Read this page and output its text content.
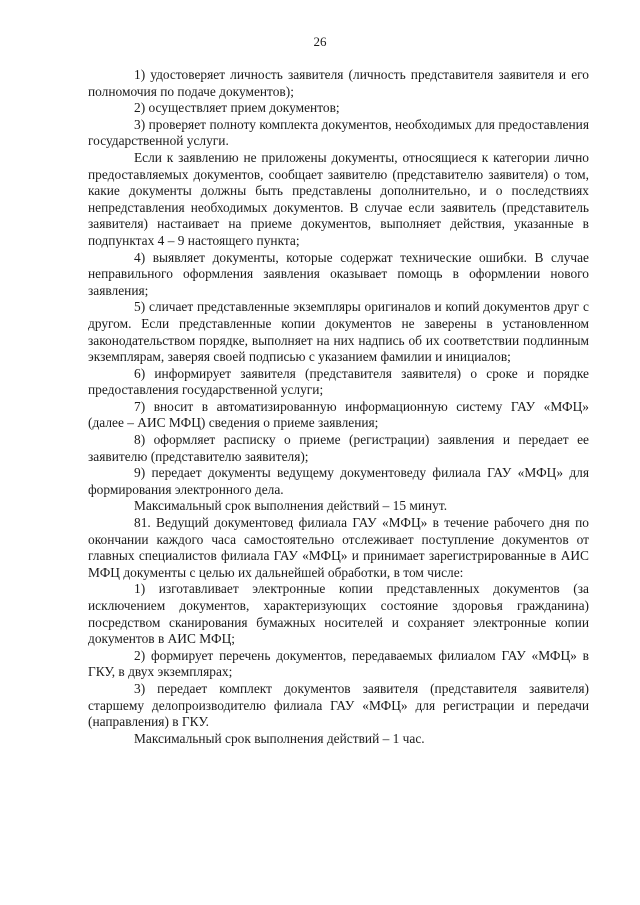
26

1) удостоверяет личность заявителя (личность представителя заявителя и его полномочия по подаче документов);

2) осуществляет прием документов;

3) проверяет полноту комплекта документов, необходимых для предоставления государственной услуги.

Если к заявлению не приложены документы, относящиеся к категории лично предоставляемых документов, сообщает заявителю (представителю заявителя) о том, какие документы должны быть представлены дополнительно, и о последствиях непредставления необходимых документов. В случае если заявитель (представитель заявителя) настаивает на приеме документов, выполняет действия, указанные в подпунктах 4 – 9 настоящего пункта;

4) выявляет документы, которые содержат технические ошибки. В случае неправильного оформления заявления оказывает помощь в оформлении нового заявления;

5) сличает представленные экземпляры оригиналов и копий документов друг с другом. Если представленные копии документов не заверены в установленном законодательством порядке, выполняет на них надпись об их соответствии подлинным экземплярам, заверяя своей подписью с указанием фамилии и инициалов;

6) информирует заявителя (представителя заявителя) о сроке и порядке предоставления государственной услуги;

7) вносит в автоматизированную информационную систему ГАУ «МФЦ» (далее – АИС МФЦ) сведения о приеме заявления;

8) оформляет расписку о приеме (регистрации) заявления и передает ее заявителю (представителю заявителя);

9) передает документы ведущему документоведу филиала ГАУ «МФЦ» для формирования электронного дела.

Максимальный срок выполнения действий – 15 минут.

81. Ведущий документовед филиала ГАУ «МФЦ» в течение рабочего дня по окончании каждого часа самостоятельно отслеживает поступление документов от главных специалистов филиала ГАУ «МФЦ» и принимает зарегистрированные в АИС МФЦ документы с целью их дальнейшей обработки, в том числе:

1) изготавливает электронные копии представленных документов (за исключением документов, характеризующих состояние здоровья гражданина) посредством сканирования бумажных носителей и сохраняет электронные копии документов в АИС МФЦ;

2) формирует перечень документов, передаваемых филиалом ГАУ «МФЦ» в ГКУ, в двух экземплярах;

3) передает комплект документов заявителя (представителя заявителя) старшему делопроизводителю филиала ГАУ «МФЦ» для регистрации и передачи (направления) в ГКУ.

Максимальный срок выполнения действий – 1 час.
